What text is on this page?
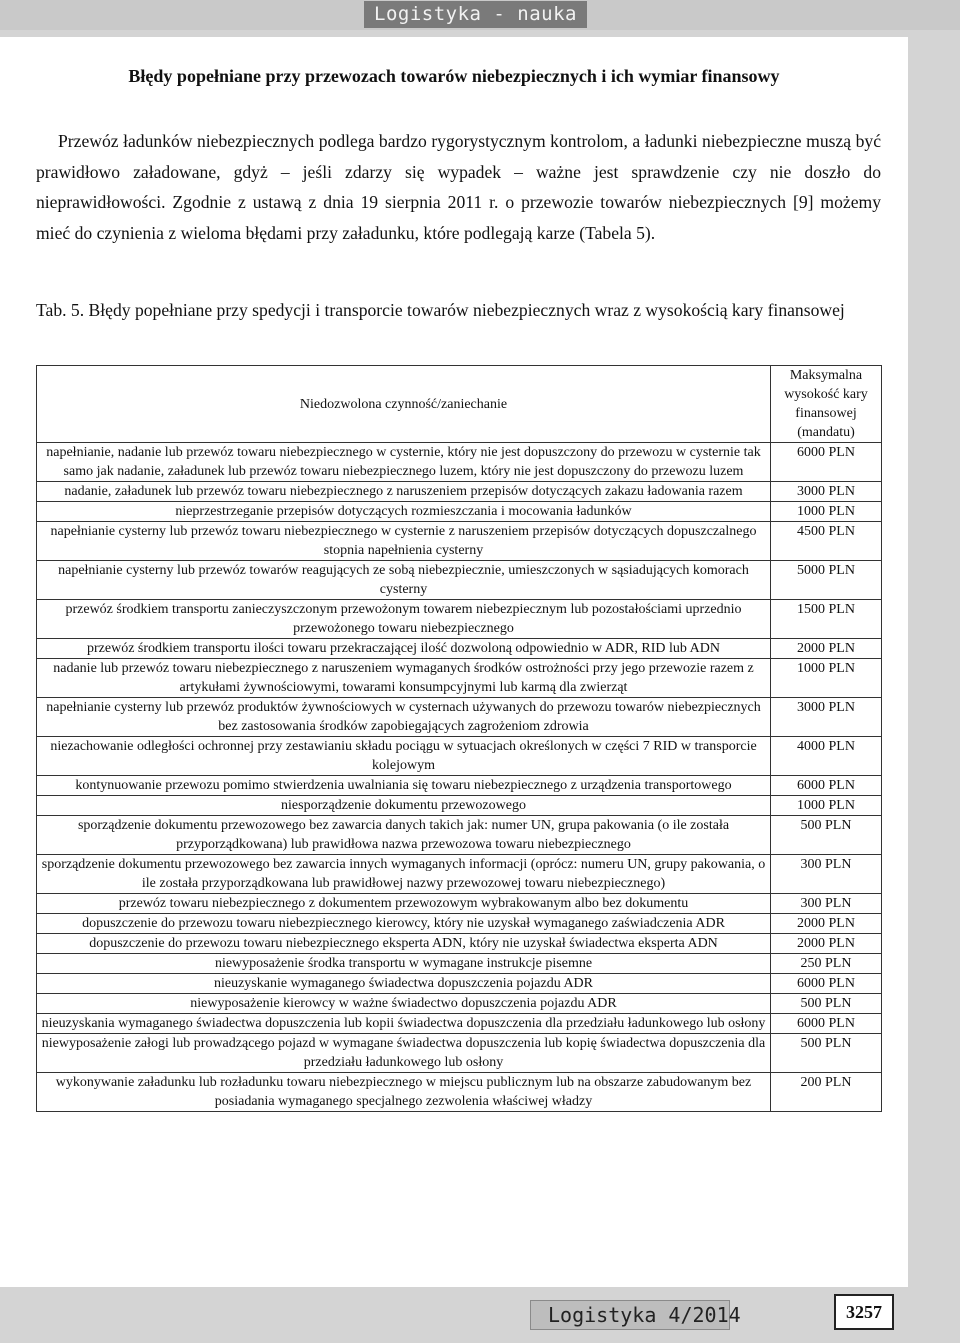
Logistyka - nauka
Błędy popełniane przy przewozach towarów niebezpiecznych i ich wymiar finansowy

Przewóz ładunków niebezpiecznych podlega bardzo rygorystycznym kontrolom, a ładunki niebezpieczne muszą być prawidłowo załadowane, gdyż – jeśli zdarzy się wypadek – ważne jest sprawdzenie czy nie doszło do nieprawidłowości. Zgodnie z ustawą z dnia 19 sierpnia 2011 r. o przewozie towarów niebezpiecznych [9] możemy mieć do czynienia z wieloma błędami przy załadunku, które podlegają karze (Tabela 5).

Tab. 5. Błędy popełniane przy spedycji i transporcie towarów niebezpiecznych wraz z wysokością kary finansowej

Niedozwolona czynność/zaniechanie	Maksymalna wysokość kary finansowej (mandatu)
napełnianie, nadanie lub przewóz towaru niebezpiecznego w cysternie, który nie jest dopuszczony do przewozu w cysternie tak samo jak nadanie, załadunek lub przewóz towaru niebezpiecznego luzem, który nie jest dopuszczony do przewozu luzem	6000 PLN
nadanie, załadunek lub przewóz towaru niebezpiecznego z naruszeniem przepisów dotyczących zakazu ładowania razem	3000 PLN
nieprzestrzeganie przepisów dotyczących rozmieszczania i mocowania ładunków	1000 PLN
napełnianie cysterny lub przewóz towaru niebezpiecznego w cysternie z naruszeniem przepisów dotyczących dopuszczalnego stopnia napełnienia cysterny	4500 PLN
napełnianie cysterny lub przewóz towarów reagujących ze sobą niebezpiecznie, umieszczonych w sąsiadujących komorach cysterny	5000 PLN
przewóz środkiem transportu zanieczyszczonym przewożonym towarem niebezpiecznym lub pozostałościami uprzednio przewożonego towaru niebezpiecznego	1500 PLN
przewóz środkiem transportu ilości towaru przekraczającej ilość dozwoloną odpowiednio w ADR, RID lub ADN	2000 PLN
nadanie lub przewóz towaru niebezpiecznego z naruszeniem wymaganych środków ostrożności przy jego przewozie razem z artykułami żywnościowymi, towarami konsumpcyjnymi lub karmą dla zwierząt	1000 PLN
napełnianie cysterny lub przewóz produktów żywnościowych w cysternach używanych do przewozu towarów niebezpiecznych bez zastosowania środków zapobiegających zagrożeniom zdrowia	3000 PLN
niezachowanie odległości ochronnej przy zestawianiu składu pociągu w sytuacjach określonych w części 7 RID w transporcie kolejowym	4000 PLN
kontynuowanie przewozu pomimo stwierdzenia uwalniania się towaru niebezpiecznego z urządzenia transportowego	6000 PLN
niesporządzenie dokumentu przewozowego	1000 PLN
sporządzenie dokumentu przewozowego bez zawarcia danych takich jak: numer UN, grupa pakowania (o ile została przyporządkowana) lub prawidłowa nazwa przewozowa towaru niebezpiecznego	500 PLN
sporządzenie dokumentu przewozowego bez zawarcia innych wymaganych informacji (oprócz: numeru UN, grupy pakowania, o ile została przyporządkowana lub prawidłowej nazwy przewozowej towaru niebezpiecznego)	300 PLN
przewóz towaru niebezpiecznego z dokumentem przewozowym wybrakowanym albo bez dokumentu	300 PLN
dopuszczenie do przewozu towaru niebezpiecznego kierowcy, który nie uzyskał wymaganego zaświadczenia ADR	2000 PLN
dopuszczenie do przewozu towaru niebezpiecznego eksperta ADN, który nie uzyskał świadectwa eksperta ADN	2000 PLN
niewyposażenie środka transportu w wymagane instrukcje pisemne	250 PLN
nieuzyskanie wymaganego świadectwa dopuszczenia pojazdu ADR	6000 PLN
niewyposażenie kierowcy w ważne świadectwo dopuszczenia pojazdu ADR	500 PLN
nieuzyskania wymaganego świadectwa dopuszczenia lub kopii świadectwa dopuszczenia dla przedziału ładunkowego lub osłony	6000 PLN
niewyposażenie załogi lub prowadzącego pojazd w wymagane świadectwa dopuszczenia lub kopię świadectwa dopuszczenia dla przedziału ładunkowego lub osłony	500 PLN
wykonywanie załadunku lub rozładunku towaru niebezpiecznego w miejscu publicznym lub na obszarze zabudowanym bez posiadania wymaganego specjalnego zezwolenia właściwej władzy	200 PLN
Logistyka 4/2014	3257
